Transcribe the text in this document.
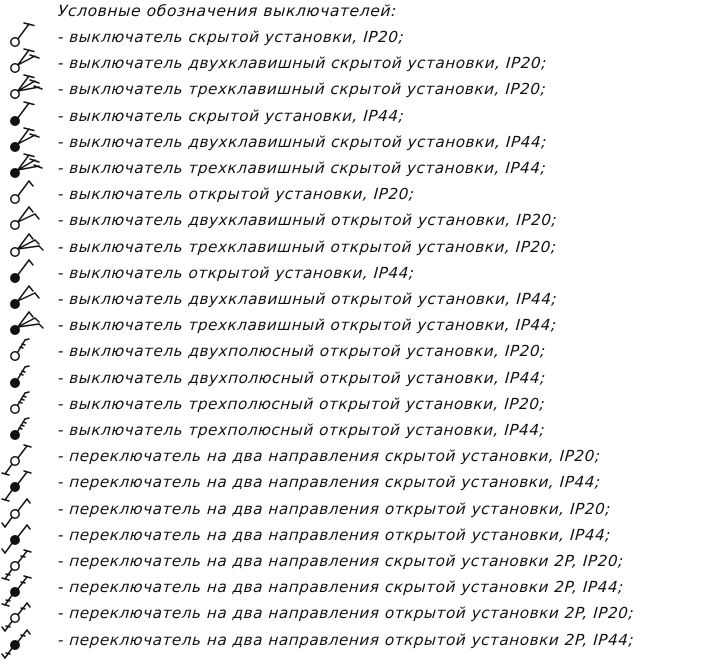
Условные обозначения выключателей:
- выключатель скрытой установки, IP20;
- выключатель двухклавишный скрытой установки, IP20;
- выключатель трехклавишный скрытой установки, IP20;
- выключатель скрытой установки, IP44;
- выключатель двухклавишный скрытой установки, IP44;
- выключатель трехклавишный скрытой установки, IP44;
- выключатель открытой установки, IP20;
- выключатель двухклавишный открытой установки, IP20;
- выключатель трехклавишный открытой установки, IP20;
- выключатель открытой установки, IP44;
- выключатель двухклавишный открытой установки, IP44;
- выключатель трехклавишный открытой установки, IP44;
- выключатель двухполюсный открытой установки, IP20;
- выключатель двухполюсный открытой установки, IP44;
- выключатель трехполюсный открытой установки, IP20;
- выключатель трехполюсный открытой установки, IP44;
- переключатель на два направления скрытой установки, IP20;
- переключатель на два направления скрытой установки, IP44;
- переключатель на два направления открытой установки, IP20;
- переключатель на два направления открытой установки, IP44;
- переключатель на два направления скрытой установки 2P, IP20;
- переключатель на два направления скрытой установки 2P, IP44;
- переключатель на два направления открытой установки 2P, IP20;
- переключатель на два направления открытой установки 2P, IP44;
